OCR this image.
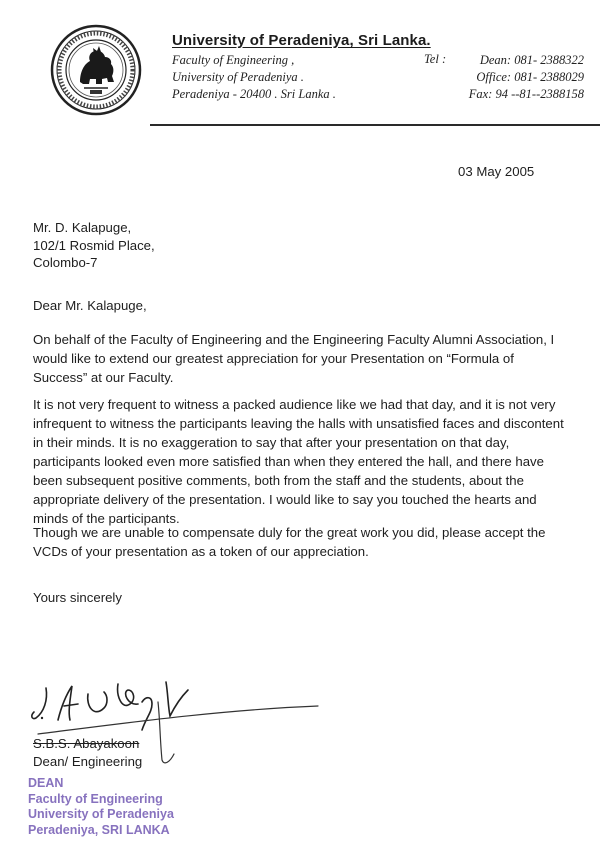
University of Peradeniya, Sri Lanka.
Faculty of Engineering ,
University of Peradeniya .
Peradeniya - 20400 . Sri Lanka .
Tel :	Dean: 081- 2388322
Office: 081- 2388029
Fax: 94 --81--2388158
03 May 2005
Mr. D. Kalapuge,
102/1 Rosmid Place,
Colombo-7
Dear Mr. Kalapuge,
On behalf of the Faculty of Engineering and the Engineering Faculty Alumni Association, I would like to extend our greatest appreciation for your Presentation on “Formula of Success” at our Faculty.
It is not very frequent to witness a packed audience like we had that day, and it is not very infrequent to witness the participants leaving the halls with unsatisfied faces and discontent in their minds. It is no exaggeration to say that after your presentation on that day, participants looked even more satisfied than when they entered the hall, and there have been subsequent positive comments, both from the staff and the students, about the appropriate delivery of the presentation. I would like to say you touched the hearts and minds of the participants.
Though we are unable to compensate duly for the great work you did, please accept the VCDs of your presentation as a token of our appreciation.
Yours sincerely
S.B.S. Abayakoon
Dean/ Engineering
DEAN
Faculty of Engineering
University of Peradeniya
Peradeniya, SRI LANKA
